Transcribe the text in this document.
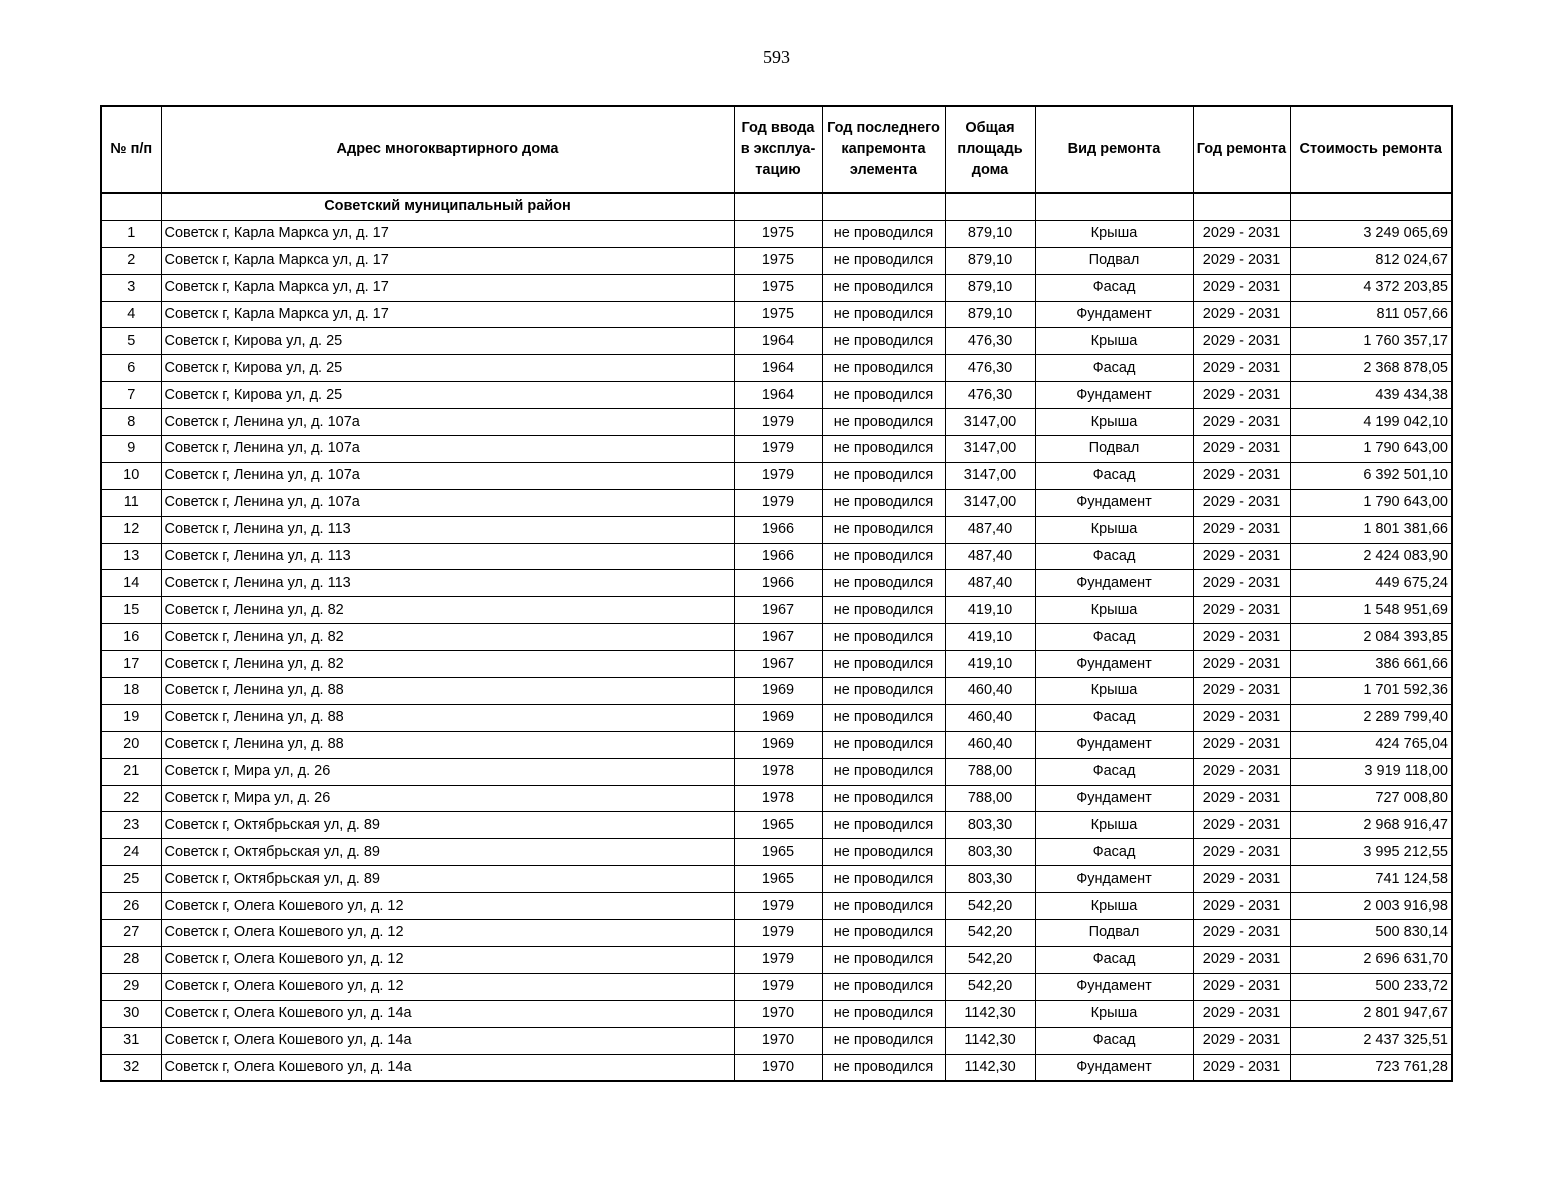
593
№ п/п	Адрес многоквартирного дома	Год ввода в эксплуа-тацию	Год последнего капремонта элемента	Общая площадь дома	Вид ремонта	Год ремонта	Стоимость ремонта
	Советский муниципальный район						
1	Советск г, Карла Маркса ул, д. 17	1975	не проводился	879,10	Крыша	2029 - 2031	3 249 065,69
2	Советск г, Карла Маркса ул, д. 17	1975	не проводился	879,10	Подвал	2029 - 2031	812 024,67
3	Советск г, Карла Маркса ул, д. 17	1975	не проводился	879,10	Фасад	2029 - 2031	4 372 203,85
4	Советск г, Карла Маркса ул, д. 17	1975	не проводился	879,10	Фундамент	2029 - 2031	811 057,66
5	Советск г, Кирова ул, д. 25	1964	не проводился	476,30	Крыша	2029 - 2031	1 760 357,17
6	Советск г, Кирова ул, д. 25	1964	не проводился	476,30	Фасад	2029 - 2031	2 368 878,05
7	Советск г, Кирова ул, д. 25	1964	не проводился	476,30	Фундамент	2029 - 2031	439 434,38
8	Советск г, Ленина ул, д. 107а	1979	не проводился	3147,00	Крыша	2029 - 2031	4 199 042,10
9	Советск г, Ленина ул, д. 107а	1979	не проводился	3147,00	Подвал	2029 - 2031	1 790 643,00
10	Советск г, Ленина ул, д. 107а	1979	не проводился	3147,00	Фасад	2029 - 2031	6 392 501,10
11	Советск г, Ленина ул, д. 107а	1979	не проводился	3147,00	Фундамент	2029 - 2031	1 790 643,00
12	Советск г, Ленина ул, д. 113	1966	не проводился	487,40	Крыша	2029 - 2031	1 801 381,66
13	Советск г, Ленина ул, д. 113	1966	не проводился	487,40	Фасад	2029 - 2031	2 424 083,90
14	Советск г, Ленина ул, д. 113	1966	не проводился	487,40	Фундамент	2029 - 2031	449 675,24
15	Советск г, Ленина ул, д. 82	1967	не проводился	419,10	Крыша	2029 - 2031	1 548 951,69
16	Советск г, Ленина ул, д. 82	1967	не проводился	419,10	Фасад	2029 - 2031	2 084 393,85
17	Советск г, Ленина ул, д. 82	1967	не проводился	419,10	Фундамент	2029 - 2031	386 661,66
18	Советск г, Ленина ул, д. 88	1969	не проводился	460,40	Крыша	2029 - 2031	1 701 592,36
19	Советск г, Ленина ул, д. 88	1969	не проводился	460,40	Фасад	2029 - 2031	2 289 799,40
20	Советск г, Ленина ул, д. 88	1969	не проводился	460,40	Фундамент	2029 - 2031	424 765,04
21	Советск г, Мира ул, д. 26	1978	не проводился	788,00	Фасад	2029 - 2031	3 919 118,00
22	Советск г, Мира ул, д. 26	1978	не проводился	788,00	Фундамент	2029 - 2031	727 008,80
23	Советск г, Октябрьская ул, д. 89	1965	не проводился	803,30	Крыша	2029 - 2031	2 968 916,47
24	Советск г, Октябрьская ул, д. 89	1965	не проводился	803,30	Фасад	2029 - 2031	3 995 212,55
25	Советск г, Октябрьская ул, д. 89	1965	не проводился	803,30	Фундамент	2029 - 2031	741 124,58
26	Советск г, Олега Кошевого ул, д. 12	1979	не проводился	542,20	Крыша	2029 - 2031	2 003 916,98
27	Советск г, Олега Кошевого ул, д. 12	1979	не проводился	542,20	Подвал	2029 - 2031	500 830,14
28	Советск г, Олега Кошевого ул, д. 12	1979	не проводился	542,20	Фасад	2029 - 2031	2 696 631,70
29	Советск г, Олега Кошевого ул, д. 12	1979	не проводился	542,20	Фундамент	2029 - 2031	500 233,72
30	Советск г, Олега Кошевого ул, д. 14а	1970	не проводился	1142,30	Крыша	2029 - 2031	2 801 947,67
31	Советск г, Олега Кошевого ул, д. 14а	1970	не проводился	1142,30	Фасад	2029 - 2031	2 437 325,51
32	Советск г, Олега Кошевого ул, д. 14а	1970	не проводился	1142,30	Фундамент	2029 - 2031	723 761,28
